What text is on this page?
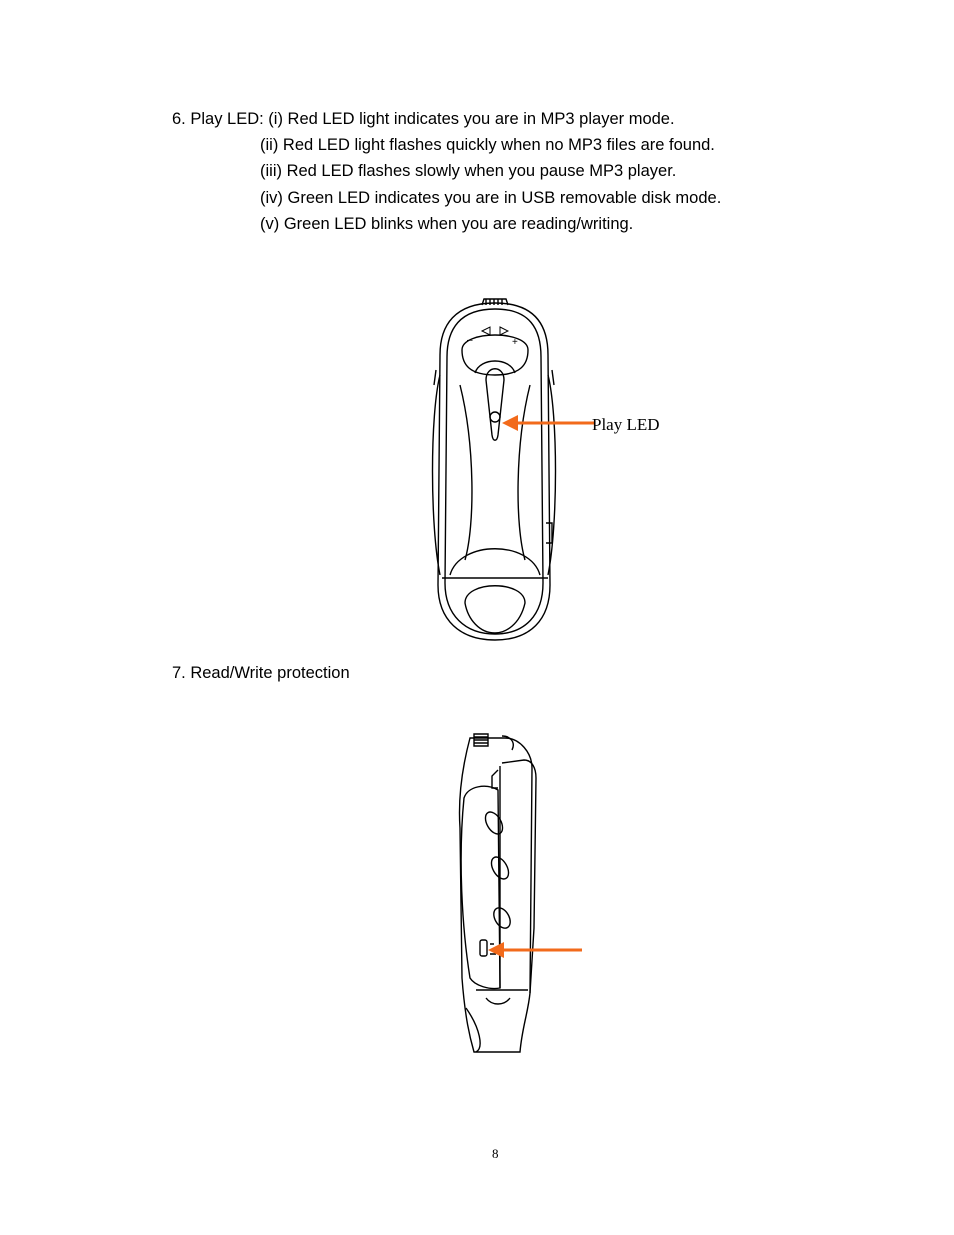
6. Play LED: (i) Red LED light indicates you are in MP3 player mode.
(ii) Red LED light flashes quickly when no MP3 files are found.
(iii) Red LED flashes slowly when you pause MP3 player.
(iv) Green LED indicates you are in USB removable disk mode.
(v) Green LED blinks when you are reading/writing.
–	+
Play LED
7. Read/Write protection
8
